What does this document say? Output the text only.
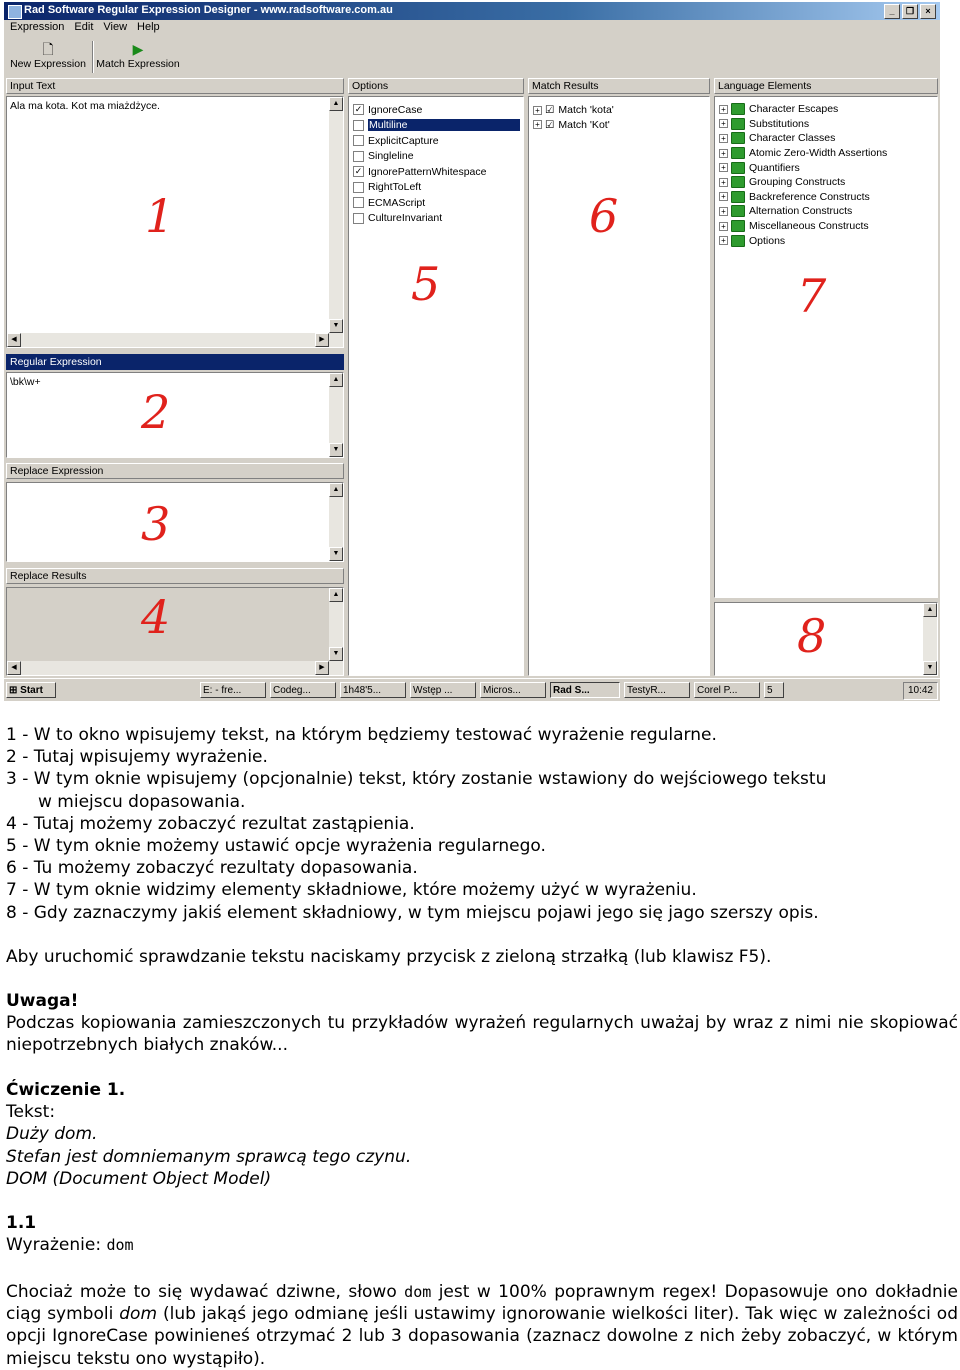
Rad Software Regular Expression Designer - www.radsoftware.com.au	_	❐	×
Expression Edit View Help
🗋
New Expression
▶
Match Expression
Input Text
Ala ma kota. Kot ma miażdżyce.
1
▲
▼
◀	▶
Regular Expression
\bk\w+
2
▲
▼
Replace Expression
3
▲
▼
Replace Results
4	▲
▼
◀	▶
Options
✓ IgnoreCase
Multiline
ExplicitCapture
Singleline
✓ IgnorePatternWhitespace
RightToLeft
ECMAScript
CultureInvariant
5
Match Results
+ ☑ Match 'kota'
+ ☑ Match 'Kot'
6
Language Elements
+ Character Escapes
+ Substitutions
+ Character Classes
+ Atomic Zero-Width Assertions
+ Quantifiers
+ Grouping Constructs
+ Backreference Constructs
+ Alternation Constructs
+ Miscellaneous Constructs
+ Options
7
8	▲
▼
⊞ Start	E: - fre...	Codeg...	1h48'5...	Wstęp ...	Micros...	Rad S...	TestyR...	Corel P...	5	10:42

1 - W to okno wpisujemy tekst, na którym będziemy testować wyrażenie regularne.

2 - Tutaj wpisujemy wyrażenie.

3 - W tym oknie wpisujemy (opcjonalnie) tekst, który zostanie wstawiony do wejściowego tekstu

w miejscu dopasowania.

4 - Tutaj możemy zobaczyć rezultat zastąpienia.

5 - W tym oknie możemy ustawić opcje wyrażenia regularnego.

6 - Tu możemy zobaczyć rezultaty dopasowania.

7 - W tym oknie widzimy elementy składniowe, które możemy użyć w wyrażeniu.

8 - Gdy zaznaczymy jakiś element składniowy, w tym miejscu pojawi jego się jago szerszy opis.

Aby uruchomić sprawdzanie tekstu naciskamy przycisk z zieloną strzałką (lub klawisz F5).

Uwaga!

Podczas kopiowania zamieszczonych tu przykładów wyrażeń regularnych uważaj by wraz z nimi nie skopiować niepotrzebnych białych znaków...

Ćwiczenie 1.

Tekst:

Duży dom.

Stefan jest domniemanym sprawcą tego czynu.

DOM (Document Object Model)

1.1

Wyrażenie: dom

Chociaż może to się wydawać dziwne, słowo dom jest w 100% poprawnym regex! Dopasowuje ono dokładnie ciąg symboli dom (lub jakąś jego odmianę jeśli ustawimy ignorowanie wielkości liter). Tak więc w zależności od opcji IgnoreCase powinieneś otrzymać 2 lub 3 dopasowania (zaznacz dowolne z nich żeby zobaczyć, w którym miejscu tekstu ono wystąpiło).
